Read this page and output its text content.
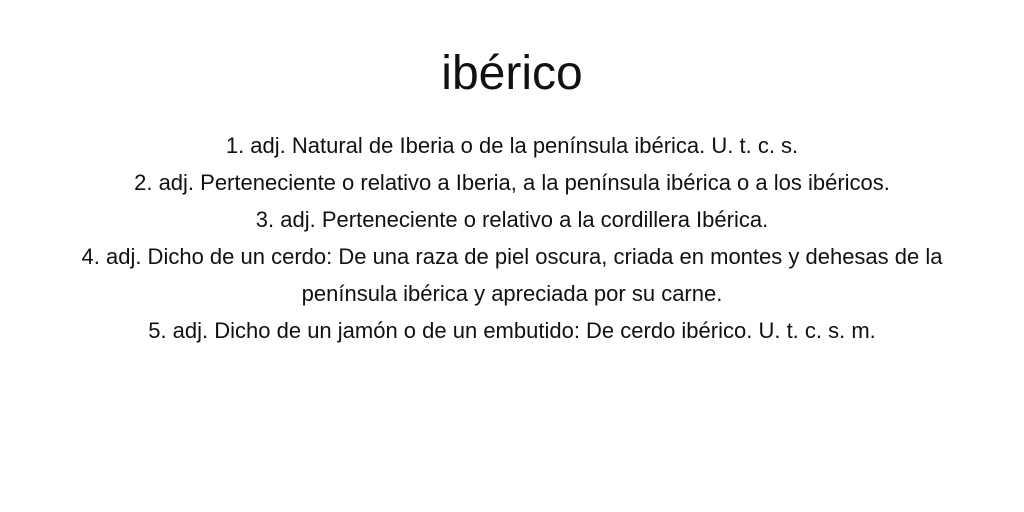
ibérico
1. adj. Natural de Iberia o de la península ibérica. U. t. c. s.
2. adj. Perteneciente o relativo a Iberia, a la península ibérica o a los ibéricos.
3. adj. Perteneciente o relativo a la cordillera Ibérica.
4. adj. Dicho de un cerdo: De una raza de piel oscura, criada en montes y dehesas de la península ibérica y apreciada por su carne.
5. adj. Dicho de un jamón o de un embutido: De cerdo ibérico. U. t. c. s. m.
